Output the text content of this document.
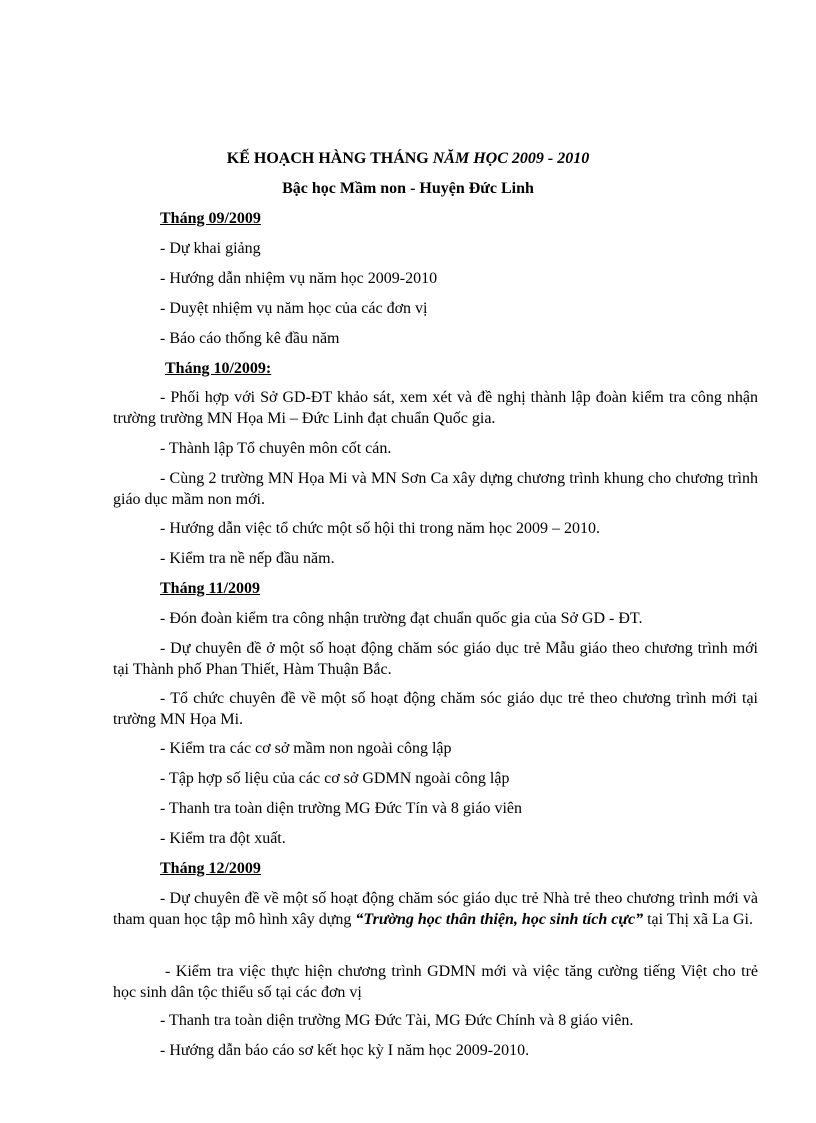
KẾ HOẠCH HÀNG THÁNG NĂM HỌC 2009 - 2010
Bậc học Mầm non - Huyện Đức Linh
Tháng 09/2009
- Dự khai giảng
- Hướng dẫn nhiệm vụ năm học 2009-2010
- Duyệt nhiệm vụ năm học của các đơn vị
- Báo cáo thống kê đầu năm
Tháng 10/2009:
- Phối hợp với Sở GD-ĐT khảo sát, xem xét và đề nghị thành lập đoàn kiểm tra công nhận trường trường MN Họa Mi – Đức Linh đạt chuẩn Quốc gia.
- Thành lập Tổ chuyên môn cốt cán.
- Cùng 2 trường MN Họa Mi và MN Sơn Ca xây dựng chương trình khung cho chương trình giáo dục mầm non mới.
- Hướng dẫn việc tổ chức một số hội thi trong năm học 2009 – 2010.
- Kiểm tra nề nếp đầu năm.
Tháng 11/2009
- Đón đoàn kiểm tra công nhận trường đạt chuẩn quốc gia của Sở GD - ĐT.
- Dự chuyên đề ở một số hoạt động chăm sóc giáo dục trẻ Mẫu giáo theo chương trình mới tại Thành phố Phan Thiết, Hàm Thuận Bắc.
- Tổ chức chuyên đề về một số hoạt động chăm sóc giáo dục trẻ theo chương trình mới tại trường MN Họa Mi.
- Kiểm tra các cơ sở mầm non ngoài công lập
- Tập hợp số liệu của các cơ sở GDMN ngoài công lập
- Thanh tra toàn diện trường MG Đức Tín và 8 giáo viên
- Kiểm tra đột xuất.
Tháng 12/2009
- Dự chuyên đề về một số hoạt động chăm sóc giáo dục trẻ Nhà trẻ theo chương trình mới và tham quan học tập mô hình xây dựng “Trường học thân thiện, học sinh tích cực” tại Thị xã La Gi.
- Kiểm tra việc thực hiện chương trình GDMN mới và việc tăng cường tiếng Việt cho trẻ học sinh dân tộc thiểu số tại các đơn vị
- Thanh tra toàn diện trường MG Đức Tài, MG Đức Chính và 8 giáo viên.
- Hướng dẫn báo cáo sơ kết học kỳ I năm học 2009-2010.
